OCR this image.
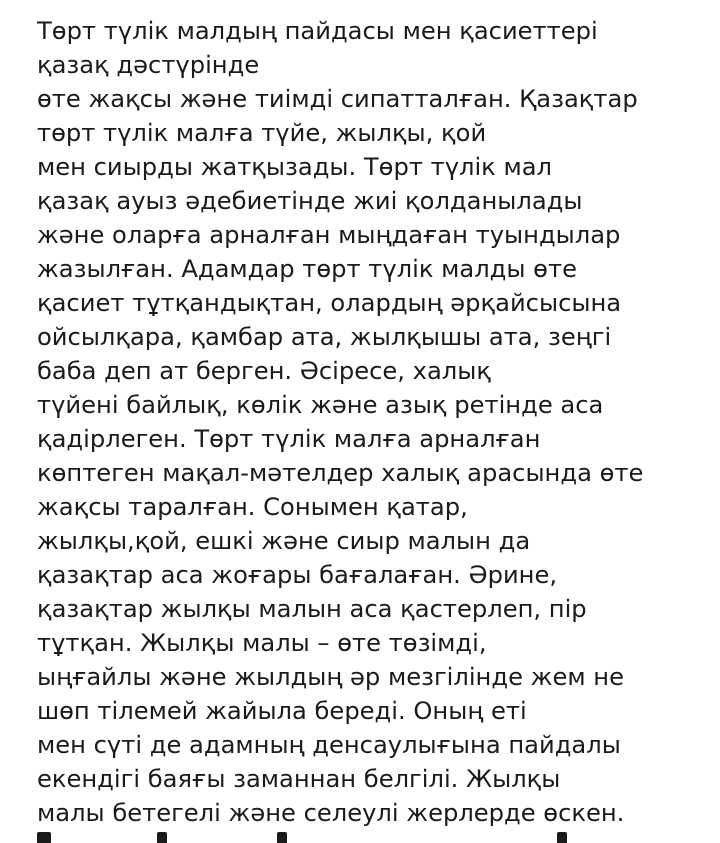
Төрт түлік малдың пайдасы мен қасиеттері
қазақ дәстүрінде
өте жақсы және тиімді сипатталған. Қазақтар
төрт түлік малға түйе, жылқы, қой
мен сиырды жатқызады. Төрт түлік мал
қазақ ауыз әдебиетінде жиі қолданылады
және оларға арналған мыңдаған туындылар
жазылған. Адамдар төрт түлік малды өте
қасиет тұтқандықтан, олардың әрқайсысына
ойсылқара, қамбар ата, жылқышы ата, зеңгі
баба деп ат берген. Әсіресе, халық
түйені байлық, көлік және азық ретінде аса
қадірлеген. Төрт түлік малға арналған
көптеген мақал-мәтелдер халық арасында өте
жақсы таралған. Сонымен қатар,
жылқы,қой, ешкі және сиыр малын да
қазақтар аса жоғары бағалаған. Әрине,
қазақтар жылқы малын аса қастерлеп, пір
тұтқан. Жылқы малы – өте төзімді,
ыңғайлы және жылдың әр мезгілінде жем не
шөп тілемей жайыла береді. Оның еті
мен сүті де адамның денсаулығына пайдалы
екендігі баяғы заманнан белгілі. Жылқы
малы бетегелі және селеулі жерлерде өскен.
